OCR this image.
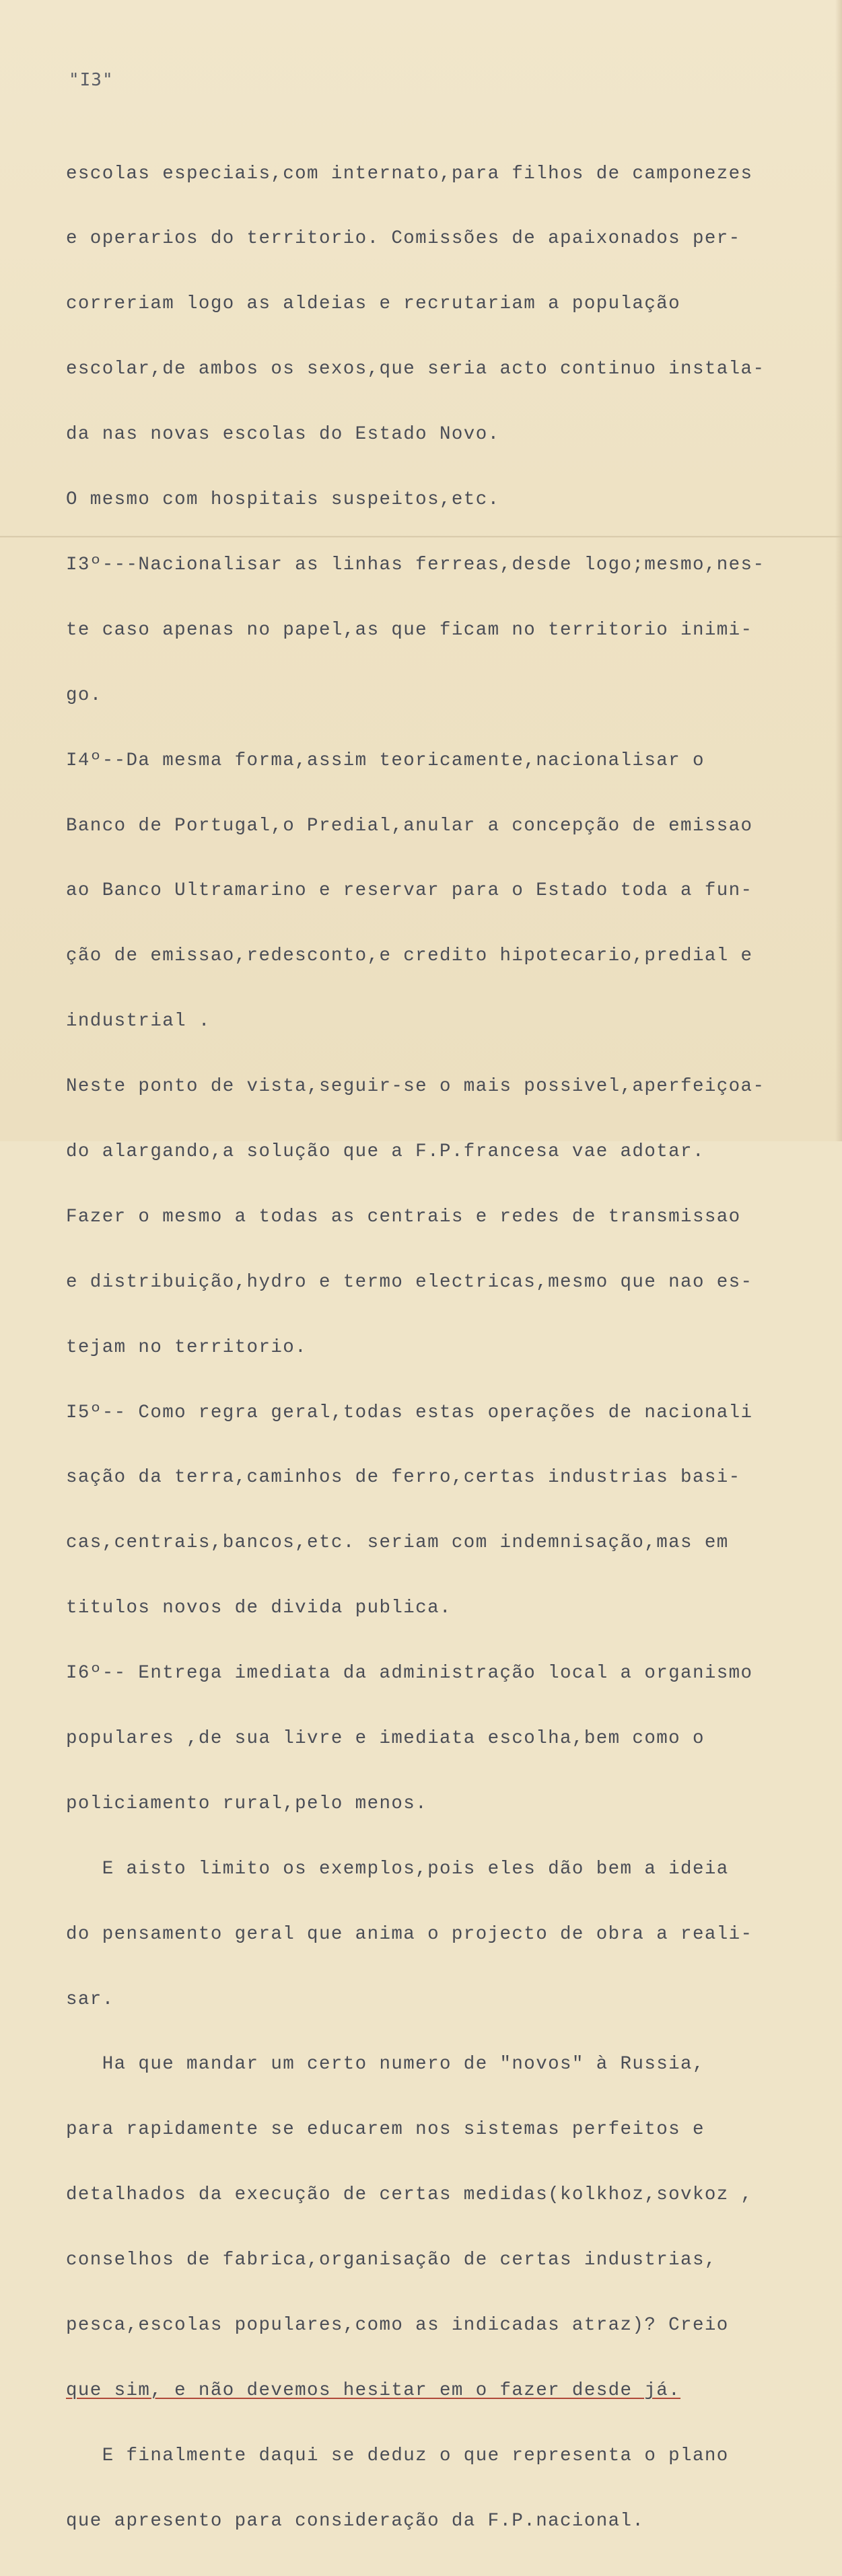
"I3"

escolas especiais,com internato,para filhos de camponezes

e operarios do territorio. Comissões de apaixonados per-

correriam logo as aldeias e recrutariam a população

escolar,de ambos os sexos,que seria acto continuo instala-

da nas novas escolas do Estado Novo.

O mesmo com hospitais suspeitos,etc.

I3º---Nacionalisar as linhas ferreas,desde logo;mesmo,nes-

te caso apenas no papel,as que ficam no territorio inimi-

go.

I4º--Da mesma forma,assim teoricamente,nacionalisar o

Banco de Portugal,o Predial,anular a concepção de emissao

ao Banco Ultramarino e reservar para o Estado toda a fun-

ção de emissao,redesconto,e credito hipotecario,predial e

industrial .

Neste ponto de vista,seguir-se o mais possivel,aperfeiçoa-

do alargando,a solução que a F.P.francesa vae adotar.

Fazer o mesmo a todas as centrais e redes de transmissao

e distribuição,hydro e termo electricas,mesmo que nao es-

tejam no territorio.

I5º-- Como regra geral,todas estas operações de nacionali

sação da terra,caminhos de ferro,certas industrias basi-

cas,centrais,bancos,etc. seriam com indemnisação,mas em

titulos novos de divida publica.

I6º-- Entrega imediata da administração local a organismo

populares ,de sua livre e imediata escolha,bem como o

policiamento rural,pelo menos.

E aisto limito os exemplos,pois eles dão bem a ideia

do pensamento geral que anima o projecto de obra a reali-

sar.

Ha que mandar um certo numero de "novos" à Russia,

para rapidamente se educarem nos sistemas perfeitos e

detalhados da execução de certas medidas(kolkhoz,sovkoz ,

conselhos de fabrica,organisação de certas industrias,

pesca,escolas populares,como as indicadas atraz)? Creio

que sim, e não devemos hesitar em o fazer desde já.

E finalmente daqui se deduz o que representa o plano

que apresento para consideração da F.P.nacional.
